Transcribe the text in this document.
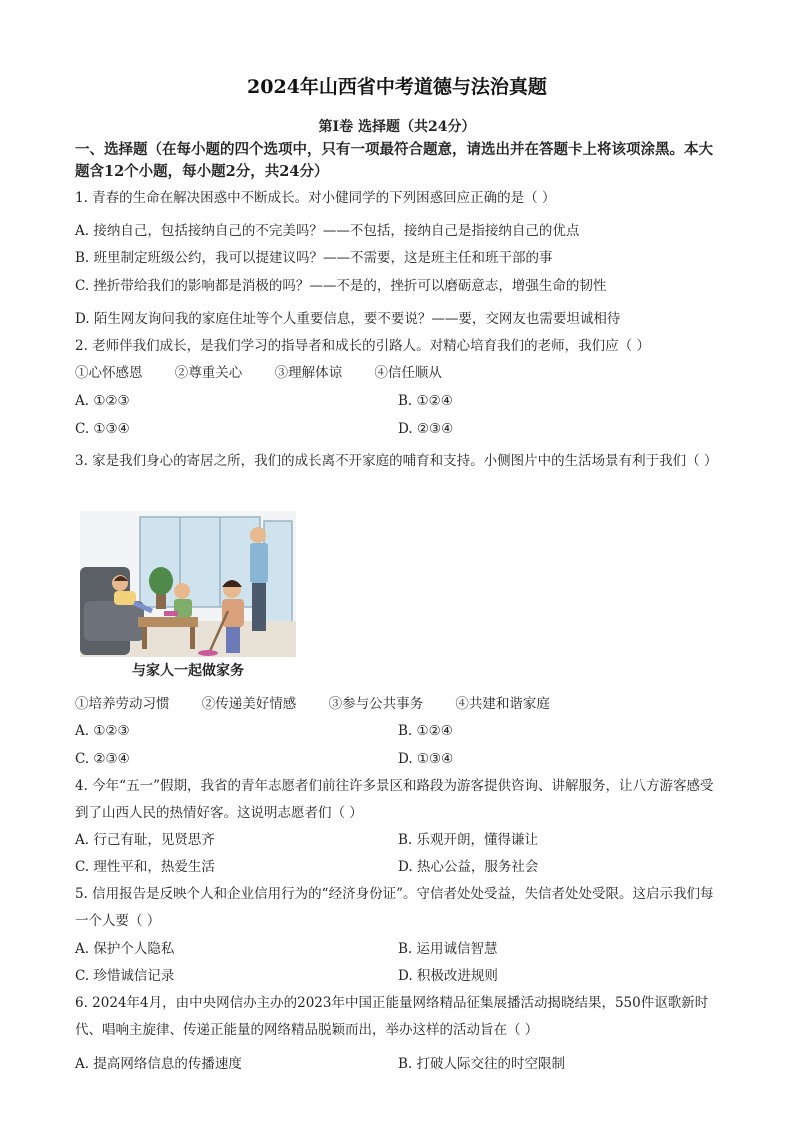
2024年山西省中考道德与法治真题
第Ⅰ卷 选择题（共24分）
一、选择题（在每小题的四个选项中，只有一项最符合题意，请选出并在答题卡上将该项涂黑。本大题含12个小题，每小题2分，共24分）
1. 青春的生命在解决困惑中不断成长。对小健同学的下列困惑回应正确的是（ ）
A. 接纳自己，包括接纳自己的不完美吗？——不包括，接纳自己是指接纳自己的优点
B. 班里制定班级公约，我可以提建议吗？——不需要，这是班主任和班干部的事
C. 挫折带给我们的影响都是消极的吗？——不是的，挫折可以磨砺意志，增强生命的韧性
D. 陌生网友询问我的家庭住址等个人重要信息，要不要说？——要，交网友也需要坦诚相待
2. 老师伴我们成长，是我们学习的指导者和成长的引路人。对精心培育我们的老师，我们应（ ）
①心怀感恩 ②尊重关心 ③理解体谅 ④信任顺从
A. ①②③	B. ①②④
C. ①③④	D. ②③④
3. 家是我们身心的寄居之所，我们的成长离不开家庭的哺育和支持。小侧图片中的生活场景有利于我们（ ）
与家人一起做家务
①培养劳动习惯 ②传递美好情感 ③参与公共事务 ④共建和谐家庭
A. ①②③	B. ①②④
C. ②③④	D. ①③④
4. 今年“五一”假期，我省的青年志愿者们前往许多景区和路段为游客提供咨询、讲解服务，让八方游客感受到了山西人民的热情好客。这说明志愿者们（ ）
A. 行己有耻，见贤思齐	B. 乐观开朗，懂得谦让
C. 理性平和，热爱生活	D. 热心公益，服务社会
5. 信用报告是反映个人和企业信用行为的“经济身份证”。守信者处处受益，失信者处处受限。这启示我们每一个人要（ ）
A. 保护个人隐私	B. 运用诚信智慧
C. 珍惜诚信记录	D. 积极改进规则
6. 2024年4月，由中央网信办主办的2023年中国正能量网络精品征集展播活动揭晓结果，550件讴歌新时代、唱响主旋律、传递正能量的网络精品脱颖而出，举办这样的活动旨在（ ）
A. 提高网络信息的传播速度	B. 打破人际交往的时空限制
